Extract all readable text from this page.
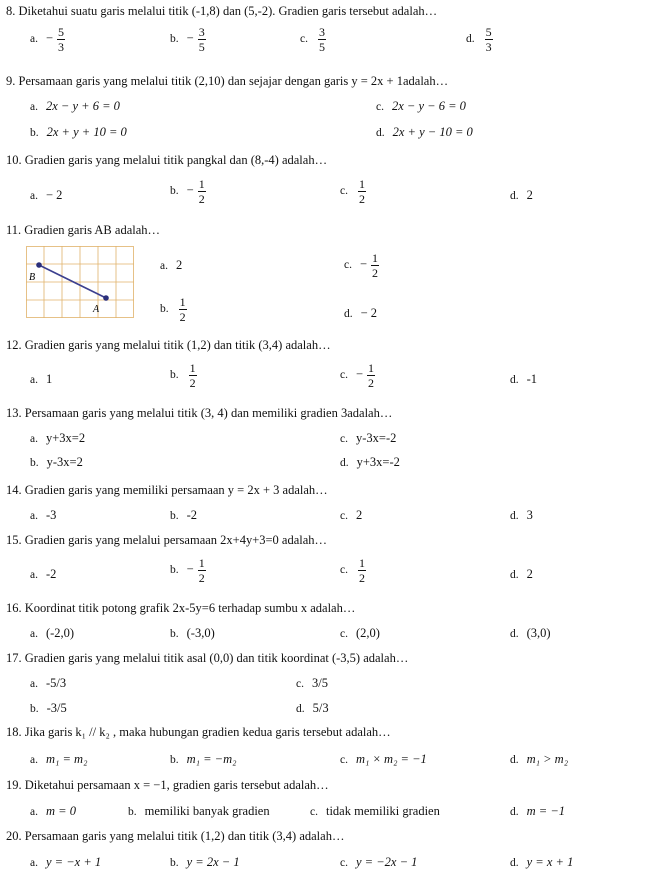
8. Diketahui suatu garis melalui titik (-1,8) dan (5,-2). Gradien garis tersebut adalah…
a. − $\frac{5}{3}$	b. − $\frac{3}{5}$	c. $\frac{3}{5}$	d. $\frac{5}{3}$
9. Persamaan garis yang melalui titik (2,10) dan sejajar dengan garis y = 2x + 1adalah…
a. 2x − y + 6 = 0	c. 2x − y − 6 = 0
b. 2x + y + 10 = 0	d. 2x + y − 10 = 0
10. Gradien garis yang melalui titik pangkal dan (8,-4) adalah…
a. − 2	b. − $\frac{1}{2}$	c. $\frac{1}{2}$	d. 2
11. Gradien garis AB adalah…
B
A
a. 2	c. − $\frac{1}{2}$
b. $\frac{1}{2}$	d. − 2
12. Gradien garis yang melalui titik (1,2) dan titik (3,4) adalah…
a. 1	b. $\frac{1}{2}$	c. − $\frac{1}{2}$	d. -1
13. Persamaan garis yang melalui titik (3, 4) dan memiliki gradien 3adalah…
a. y+3x=2	c. y-3x=-2
b. y-3x=2	d. y+3x=-2
14. Gradien garis yang memiliki persamaan y = 2x + 3 adalah…
a. -3	b. -2	c. 2	d. 3
15. Gradien garis yang melalui persamaan 2x+4y+3=0 adalah…
a. -2	b. − $\frac{1}{2}$	c. $\frac{1}{2}$	d. 2
16. Koordinat titik potong grafik 2x-5y=6 terhadap sumbu x adalah…
a. (-2,0)	b. (-3,0)	c. (2,0)	d. (3,0)
17. Gradien garis yang melalui titik asal (0,0) dan titik koordinat (-3,5) adalah…
a. -5/3	c. 3/5
b. -3/5	d. 5/3
18. Jika garis k₁ // k₂ , maka hubungan gradien kedua garis tersebut adalah…
a. m₁ = m₂	b. m₁ = −m₂	c. m₁ × m₂ = −1	d. m₁ > m₂
19. Diketahui persamaan x = −1, gradien garis tersebut adalah…
a. m = 0	b. memiliki banyak gradien	c. tidak memiliki gradien	d. m = −1
20. Persamaan garis yang melalui titik (1,2) dan titik (3,4) adalah…
a. y = −x + 1	b. y = 2x − 1	c. y = −2x − 1	d. y = x + 1
